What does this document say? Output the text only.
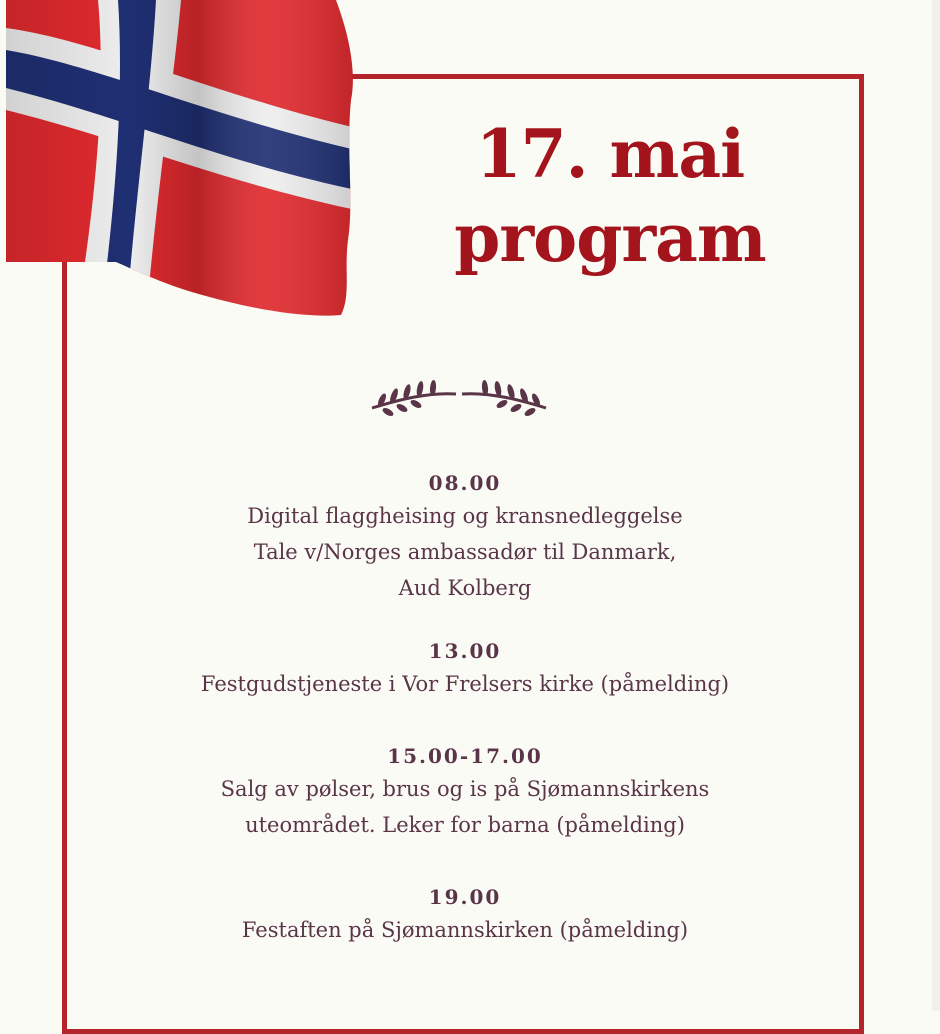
17. mai
program
08.00
Digital flaggheising og kransnedleggelse
Tale v/Norges ambassadør til Danmark,
Aud Kolberg
13.00
Festgudstjeneste i Vor Frelsers kirke (påmelding)
15.00-17.00
Salg av pølser, brus og is på Sjømannskirkens
uteområdet. Leker for barna (påmelding)
19.00
Festaften på Sjømannskirken (påmelding)
